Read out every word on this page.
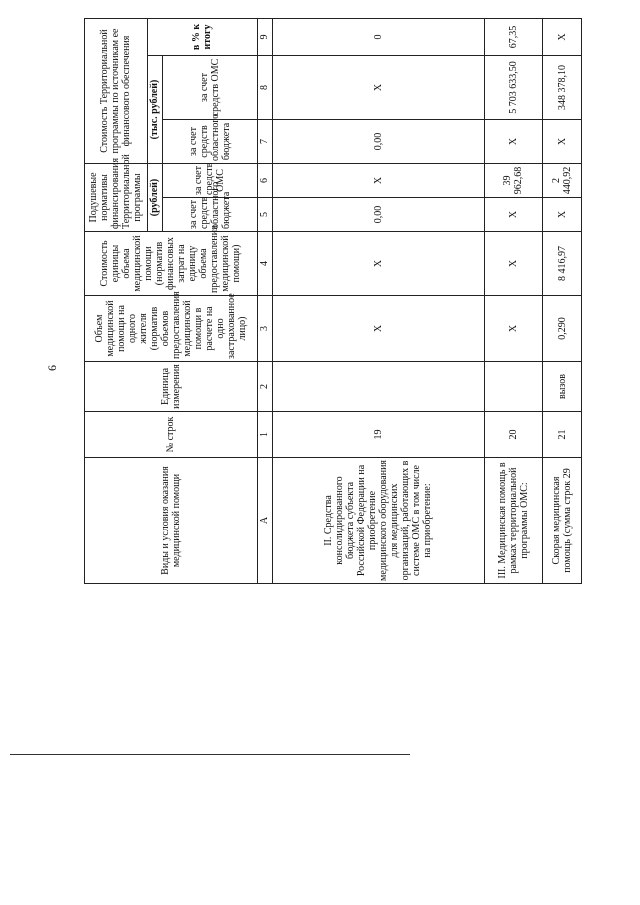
6
Виды и условия оказания медицинской помощи	№ строк	Единица измерения	Объем медицинской помощи на одного жителя (норматив объемов предоставления медицинской помощи в расчете на одно застрахованное лицо)	Стоимость единицы объема медицинской помощи (норматив финансовых затрат на единицу объема предоставления медицинской помощи)	Подушевые нормативы финансирования Территориальной программы		Стоимость Территориальной программы по источникам ее финансового обеспечения		
					(рублей)		(тыс. рублей)		в % к итогу
					за счет средств областного бюджета	за счет средств ОМС	за счет средств областного бюджета	за счет средств ОМС	
А	1	2	3	4	5	6	7	8	9
II. Средства консолидированного бюджета субъекта Российской Федерации на приобретение медицинского оборудования для медицинских организаций, работающих в системе ОМС в том числе на приобретение:	19		X	X	0,00	X	0,00	X	0
III. Медицинская помощь в рамках территориальной программы ОМС:	20		X	X	X	39 962,68	X	5 703 633,50	67,35
Скорая медицинская помощь (сумма строк 29	21	вызов	0,290	8 416,97	X	2 440,92	X	348 378,10	X
